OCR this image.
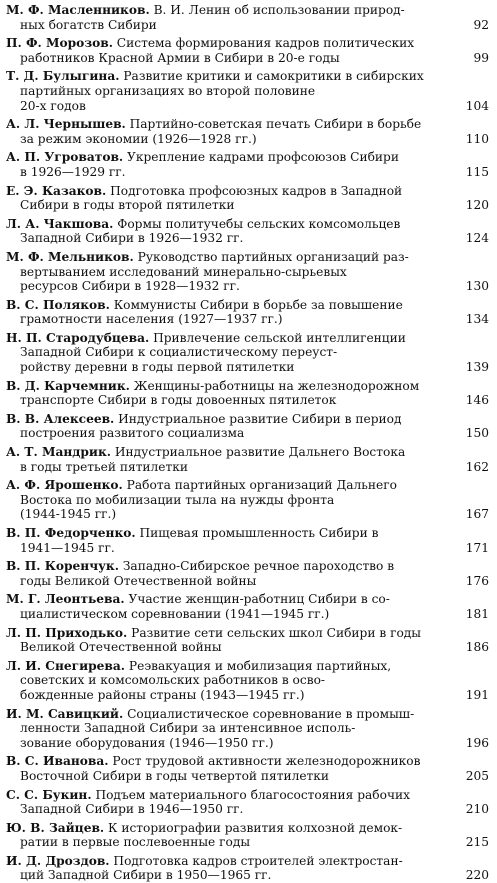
М. Ф. Масленников. В. И. Ленин об использовании природ-
ных богатств Сибири	92
П. Ф. Морозов. Система формирования кадров политических
работников Красной Армии в Сибири в 20-е годы	99
Т. Д. Булыгина. Развитие критики и самокритики в сибирских
партийных организациях во второй половине
20-х годов	104
А. Л. Чернышев. Партийно-советская печать Сибири в борьбе
за режим экономии (1926—1928 гг.)	110
А. П. Угроватов. Укрепление кадрами профсоюзов Сибири
в 1926—1929 гг.	115
Е. Э. Казаков. Подготовка профсоюзных кадров в Западной
Сибири в годы второй пятилетки	120
Л. А. Чакшова. Формы политучебы сельских комсомольцев
Западной Сибири в 1926—1932 гг.	124
М. Ф. Мельников. Руководство партийных организаций раз-
вертыванием исследований минерально-сырьевых
ресурсов Сибири в 1928—1932 гг.	130
В. С. Поляков. Коммунисты Сибири в борьбе за повышение
грамотности населения (1927—1937 гг.)	134
Н. П. Стародубцева. Привлечение сельской интеллигенции
Западной Сибири к социалистическому переуст-
ройству деревни в годы первой пятилетки	139
В. Д. Карчемник. Женщины-работницы на железнодорожном
транспорте Сибири в годы довоенных пятилеток	146
В. В. Алексеев. Индустриальное развитие Сибири в период
построения развитого социализма	150
А. Т. Мандрик. Индустриальное развитие Дальнего Востока
в годы третьей пятилетки	162
А. Ф. Ярошенко. Работа партийных организаций Дальнего
Востока по мобилизации тыла на нужды фронта
(1944-1945 гг.)	167
В. П. Федорченко. Пищевая промышленность Сибири в
1941—1945 гг.	171
В. П. Коренчук. Западно-Сибирское речное пароходство в
годы Великой Отечественной войны	176
М. Г. Леонтьева. Участие женщин-работниц Сибири в со-
циалистическом соревновании (1941—1945 гг.)	181
Л. П. Приходько. Развитие сети сельских школ Сибири в годы
Великой Отечественной войны	186
Л. И. Снегирева. Реэвакуация и мобилизация партийных,
советских и комсомольских работников в осво-
божденные районы страны (1943—1945 гг.)	191
И. М. Савицкий. Социалистическое соревнование в промыш-
ленности Западной Сибири за интенсивное исполь-
зование оборудования (1946—1950 гг.)	196
В. С. Иванова. Рост трудовой активности железнодорожников
Восточной Сибири в годы четвертой пятилетки	205
С. С. Букин. Подъем материального благосостояния рабочих
Западной Сибири в 1946—1950 гг.	210
Ю. В. Зайцев. К историографии развития колхозной демок-
ратии в первые послевоенные годы	215
И. Д. Дроздов. Подготовка кадров строителей электростан-
ций Западной Сибири в 1950—1965 гг.	220
